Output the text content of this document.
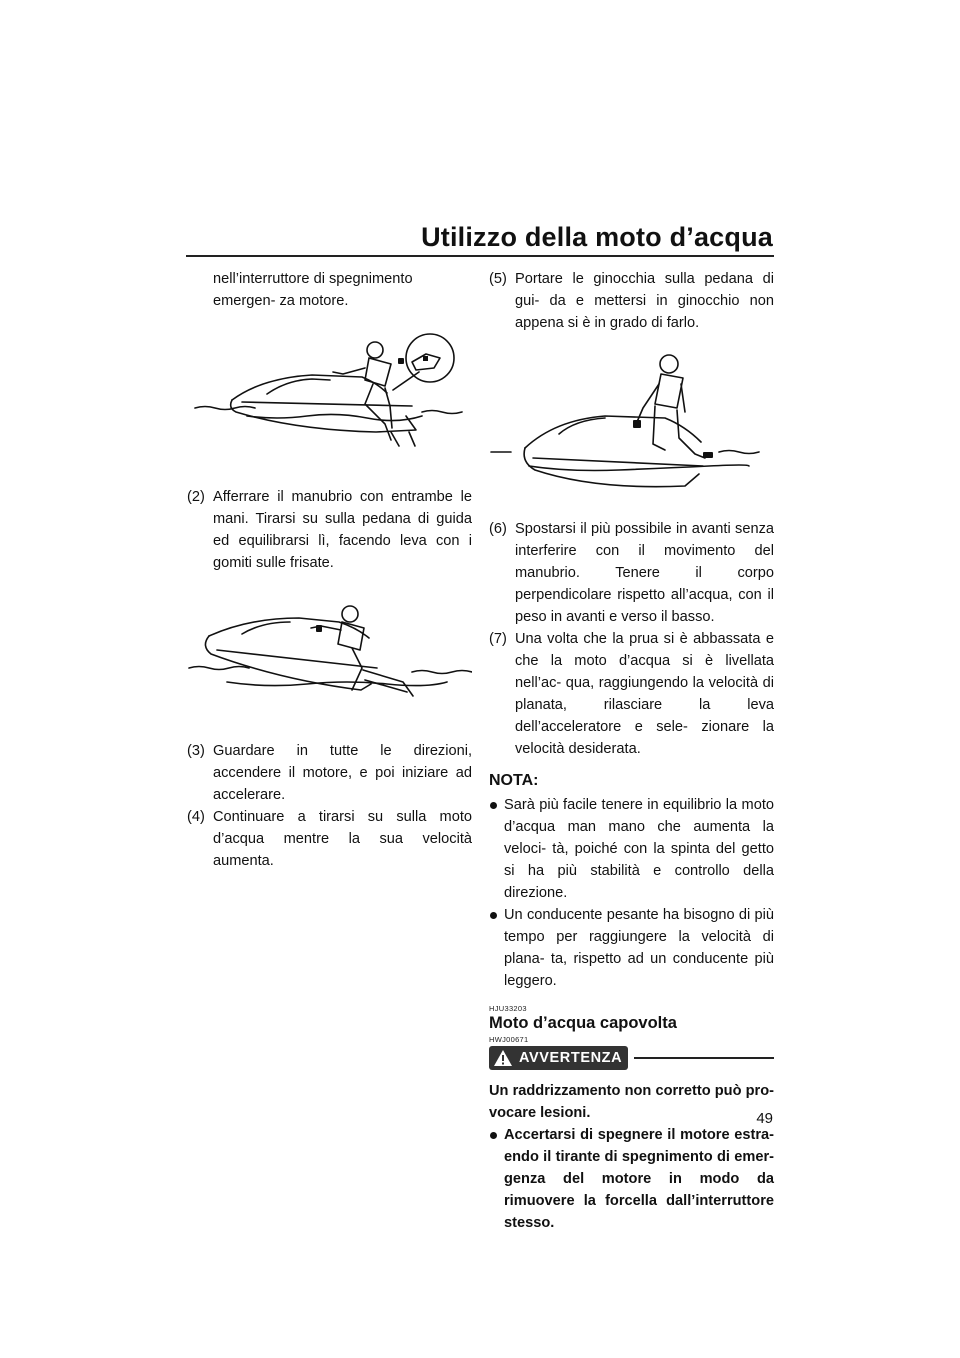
Utilizzo della moto d’acqua

nell’interruttore di spegnimento emergen- za motore.

(2) Afferrare il manubrio con entrambe le mani. Tirarsi su sulla pedana di guida ed equilibrarsi lì, facendo leva con i gomiti sulle frisate.

(3) Guardare in tutte le direzioni, accendere il motore, e poi iniziare ad accelerare.

(4) Continuare a tirarsi su sulla moto d’acqua mentre la sua velocità aumenta.

(5) Portare le ginocchia sulla pedana di gui- da e mettersi in ginocchio non appena si è in grado di farlo.

(6) Spostarsi il più possibile in avanti senza interferire con il movimento del manubrio. Tenere il corpo perpendicolare rispetto all’acqua, con il peso in avanti e verso il basso.

(7) Una volta che la prua si è abbassata e che la moto d’acqua si è livellata nell’ac- qua, raggiungendo la velocità di planata, rilasciare la leva dell’acceleratore e sele- zionare la velocità desiderata.

NOTA:

Sarà più facile tenere in equilibrio la moto d’acqua man mano che aumenta la veloci- tà, poiché con la spinta del getto si ha più stabilità e controllo della direzione.

Un conducente pesante ha bisogno di più tempo per raggiungere la velocità di plana- ta, rispetto ad un conducente più leggero.

HJU33203

Moto d’acqua capovolta

HWJ00671

AVVERTENZA

Un raddrizzamento non corretto può pro- vocare lesioni.

Accertarsi di spegnere il motore estra- endo il tirante di spegnimento di emer- genza del motore in modo da rimuovere la forcella dall’interruttore stesso.

49
